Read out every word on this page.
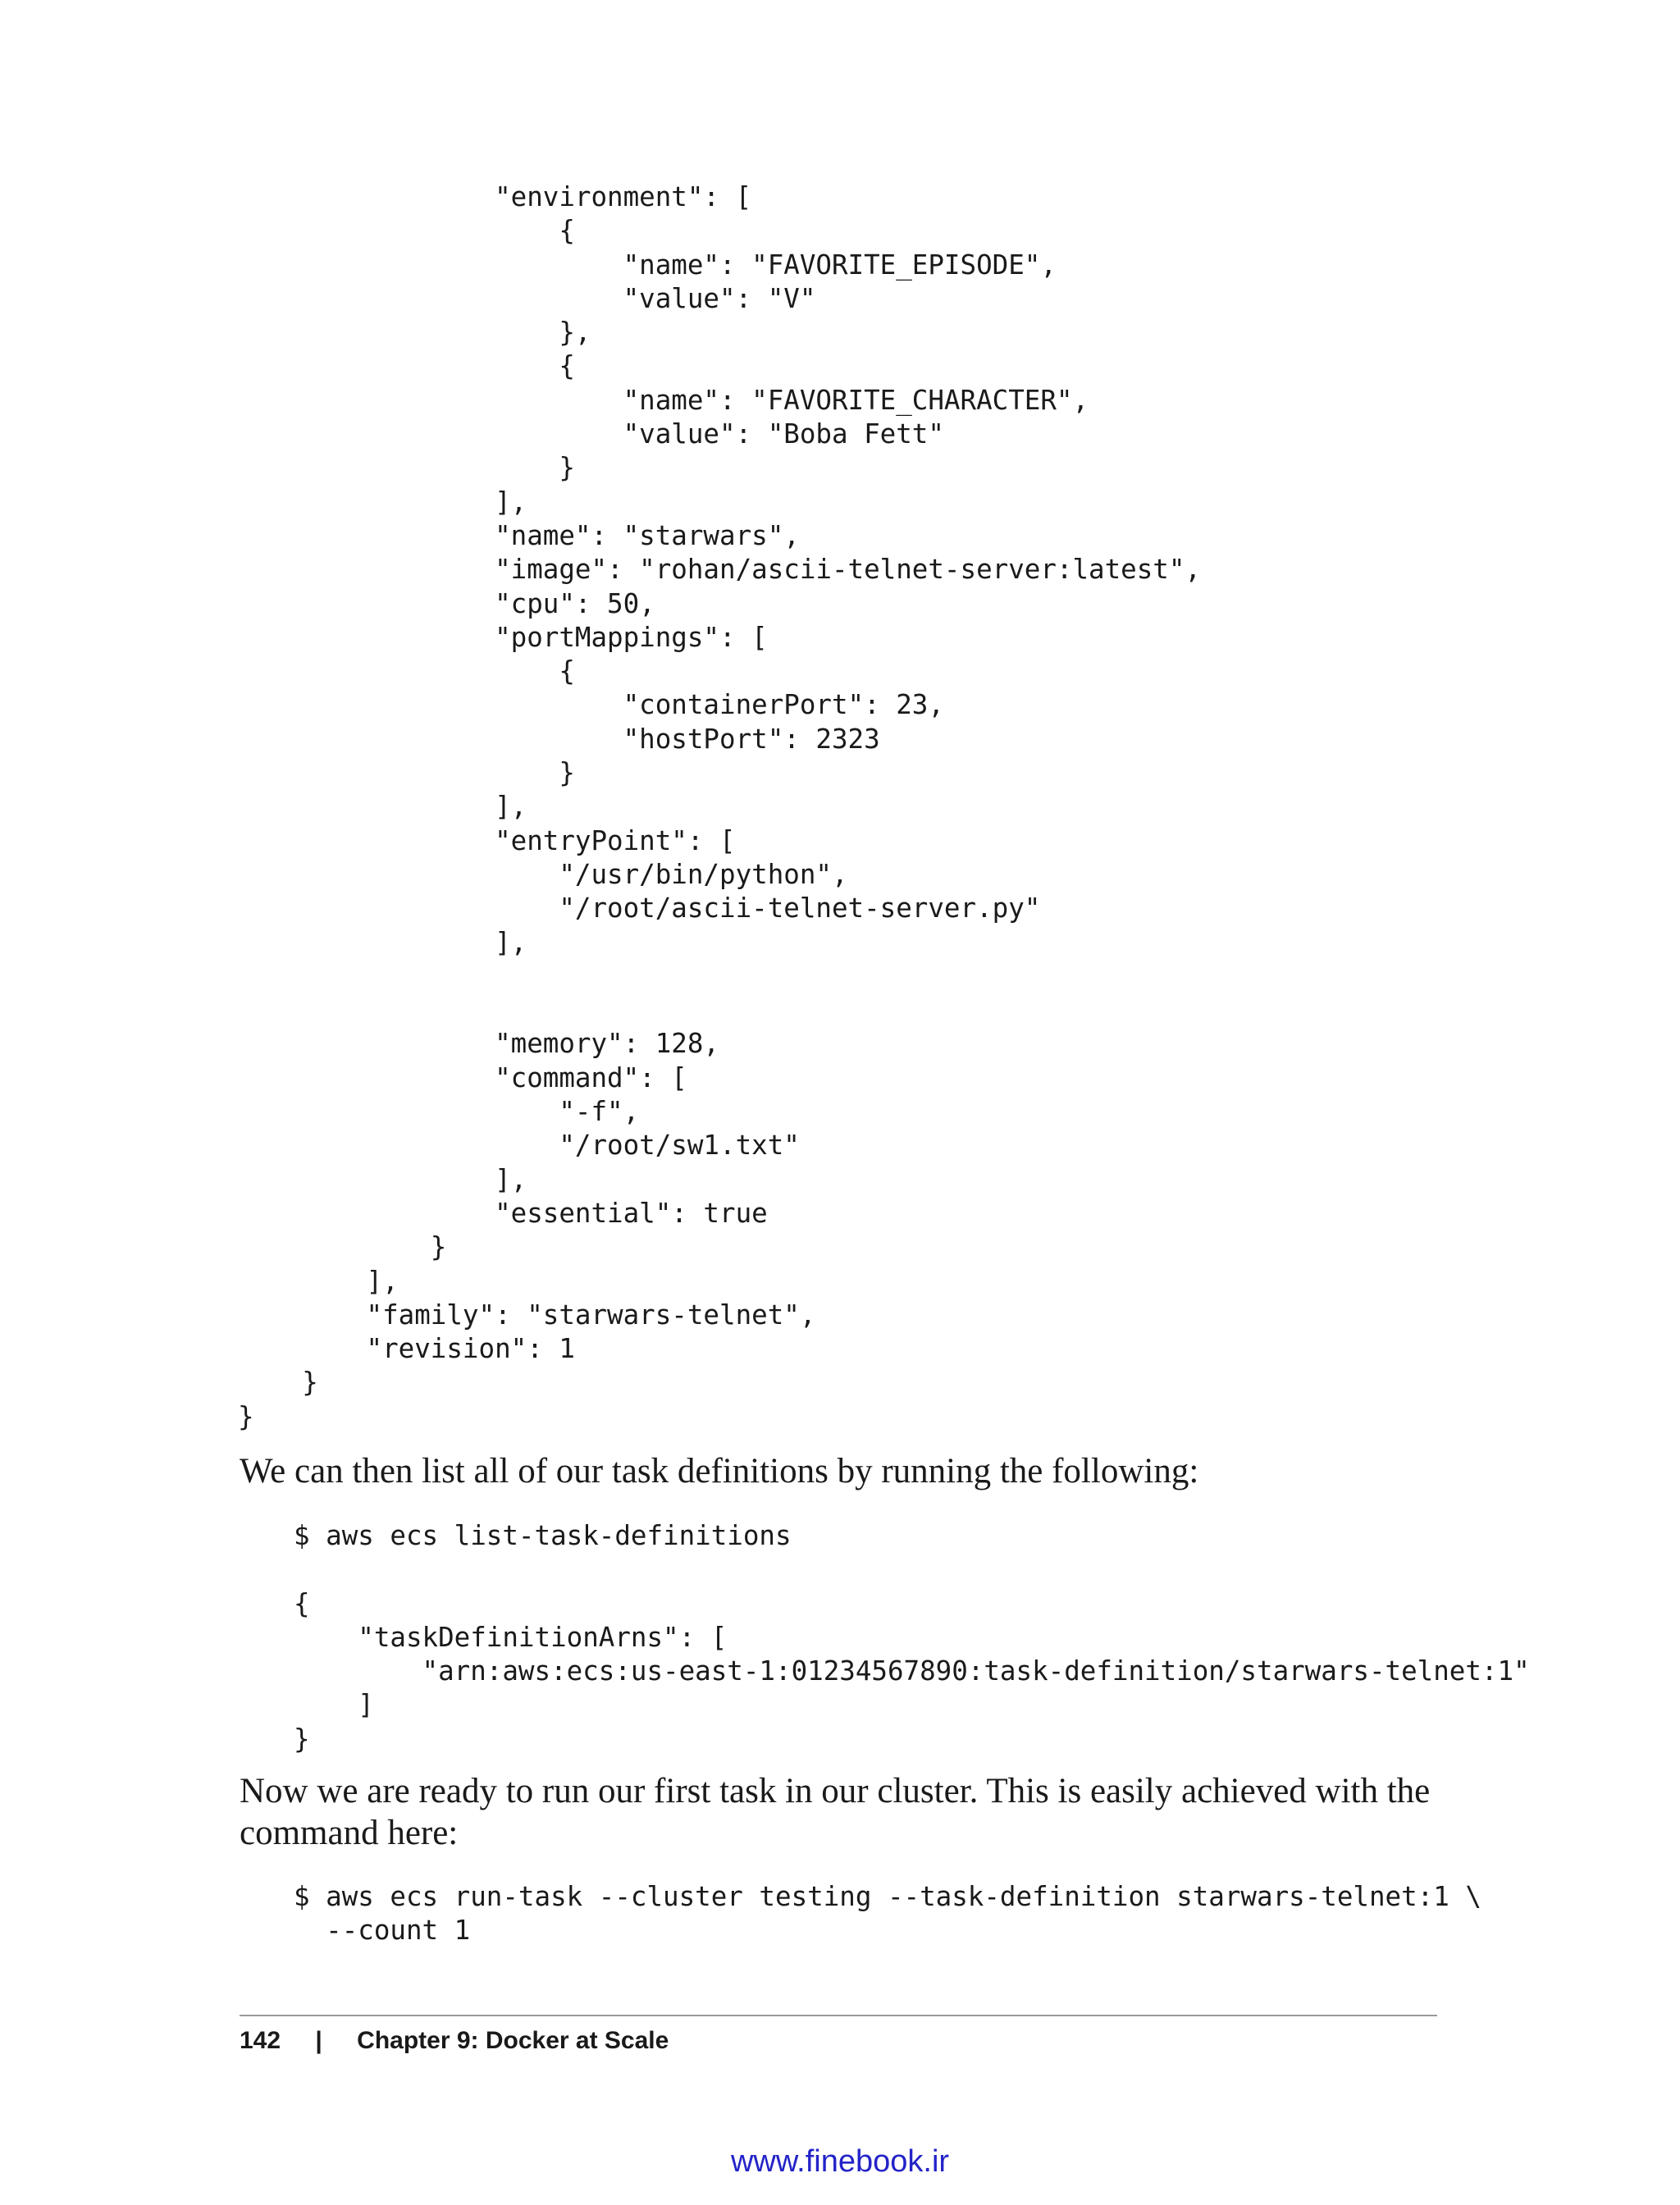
"environment": [
{
"name": "FAVORITE_EPISODE",
"value": "V"
},
{
"name": "FAVORITE_CHARACTER",
"value": "Boba Fett"
}
],
"name": "starwars",
"image": "rohan/ascii-telnet-server:latest",
"cpu": 50,
"portMappings": [
{
"containerPort": 23,
"hostPort": 2323
}
],
"entryPoint": [
"/usr/bin/python",
"/root/ascii-telnet-server.py"
],

"memory": 128,
"command": [
"-f",
"/root/sw1.txt"
],
"essential": true
}
],
"family": "starwars-telnet",
"revision": 1
}
}

We can then list all of our task definitions by running the following:

$ aws ecs list-task-definitions

{
"taskDefinitionArns": [
"arn:aws:ecs:us-east-1:01234567890:task-definition/starwars-telnet:1"
]
}

Now we are ready to run our first task in our cluster. This is easily achieved with the command here:

$ aws ecs run-task --cluster testing --task-definition starwars-telnet:1 \
--count 1
142 | Chapter 9: Docker at Scale
www.finebook.ir
